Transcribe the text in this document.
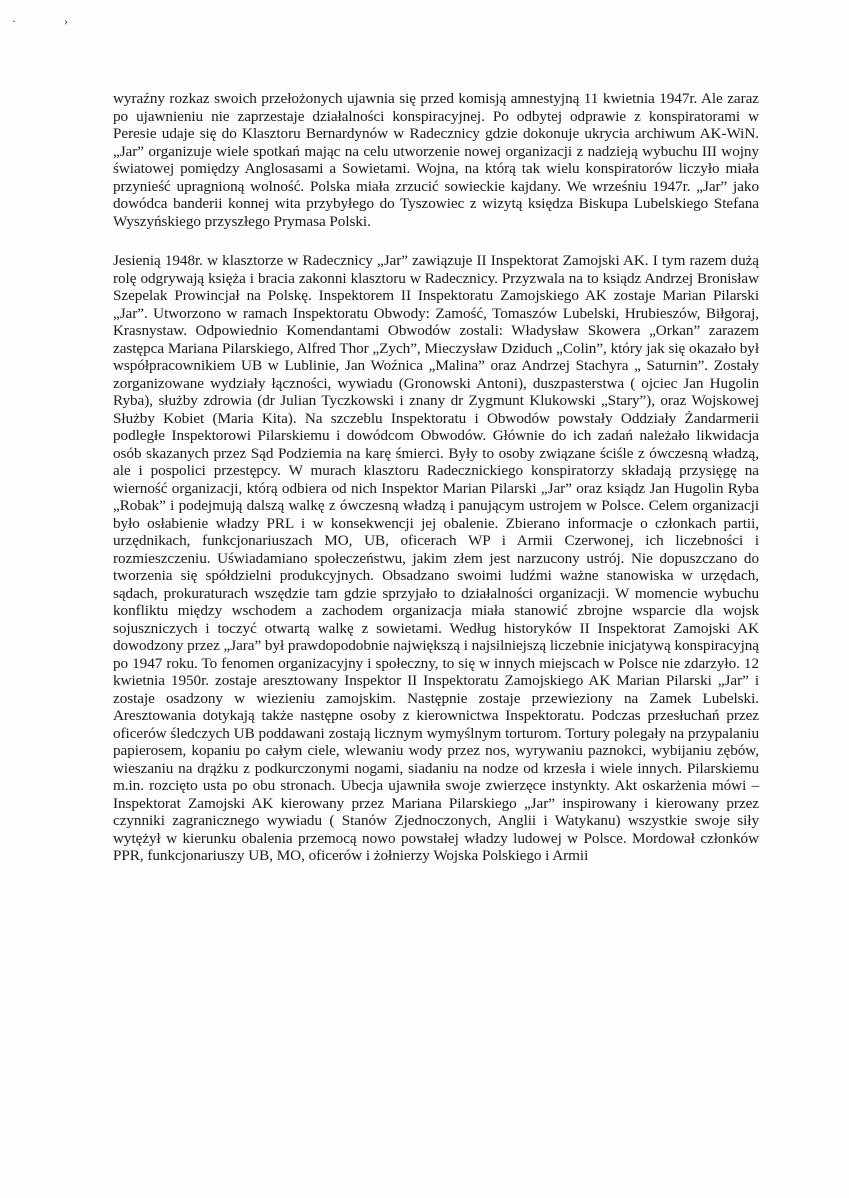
·	›

wyraźny rozkaz swoich przełożonych ujawnia się przed komisją amnestyjną 11 kwietnia 1947r. Ale zaraz po ujawnieniu nie zaprzestaje działalności konspiracyjnej. Po odbytej odprawie z konspiratorami w Peresie udaje się do Klasztoru Bernardynów w Radecznicy gdzie dokonuje ukrycia archiwum AK-WiN. „Jar” organizuje wiele spotkań mając na celu utworzenie nowej organizacji z nadzieją wybuchu III wojny światowej pomiędzy Anglosasami a Sowietami. Wojna, na którą tak wielu konspiratorów liczyło miała przynieść upragnioną wolność. Polska miała zrzucić sowieckie kajdany. We wrześniu 1947r. „Jar” jako dowódca banderii konnej wita przybyłego do Tyszowiec z wizytą księdza Biskupa Lubelskiego Stefana Wyszyńskiego przyszłego Prymasa Polski.

Jesienią 1948r. w klasztorze w Radecznicy „Jar” zawiązuje II Inspektorat Zamojski AK. I tym razem dużą rolę odgrywają księża i bracia zakonni klasztoru w Radecznicy. Przyzwala na to ksiądz Andrzej Bronisław Szepelak Prowincjał na Polskę. Inspektorem II Inspektoratu Zamojskiego AK zostaje Marian Pilarski „Jar”. Utworzono w ramach Inspektoratu Obwody: Zamość, Tomaszów Lubelski, Hrubieszów, Biłgoraj, Krasnystaw. Odpowiednio Komendantami Obwodów zostali: Władysław Skowera „Orkan” zarazem zastępca Mariana Pilarskiego, Alfred Thor „Zych”, Mieczysław Dziduch „Colin”, który jak się okazało był współpracownikiem UB w Lublinie, Jan Woźnica „Malina” oraz Andrzej Stachyra „ Saturnin”. Zostały zorganizowane wydziały łączności, wywiadu (Gronowski Antoni), duszpasterstwa ( ojciec Jan Hugolin Ryba), służby zdrowia (dr Julian Tyczkowski i znany dr Zygmunt Klukowski „Stary”), oraz Wojskowej Służby Kobiet (Maria Kita). Na szczeblu Inspektoratu i Obwodów powstały Oddziały Żandarmerii podległe Inspektorowi Pilarskiemu i dowódcom Obwodów. Głównie do ich zadań należało likwidacja osób skazanych przez Sąd Podziemia na karę śmierci. Były to osoby związane ściśle z ówczesną władzą, ale i pospolici przestępcy. W murach klasztoru Radecznickiego konspiratorzy składają przysięgę na wierność organizacji, którą odbiera od nich Inspektor Marian Pilarski „Jar” oraz ksiądz Jan Hugolin Ryba „Robak” i podejmują dalszą walkę z ówczesną władzą i panującym ustrojem w Polsce. Celem organizacji było osłabienie władzy PRL i w konsekwencji jej obalenie. Zbierano informacje o członkach partii, urzędnikach, funkcjonariuszach MO, UB, oficerach WP i Armii Czerwonej, ich liczebności i rozmieszczeniu. Uświadamiano społeczeństwu, jakim złem jest narzucony ustrój. Nie dopuszczano do tworzenia się spółdzielni produkcyjnych. Obsadzano swoimi ludźmi ważne stanowiska w urzędach, sądach, prokuraturach wszędzie tam gdzie sprzyjało to działalności organizacji. W momencie wybuchu konfliktu między wschodem a zachodem organizacja miała stanowić zbrojne wsparcie dla wojsk sojuszniczych i toczyć otwartą walkę z sowietami. Według historyków II Inspektorat Zamojski AK dowodzony przez „Jara” był prawdopodobnie największą i najsilniejszą liczebnie inicjatywą konspiracyjną po 1947 roku. To fenomen organizacyjny i społeczny, to się w innych miejscach w Polsce nie zdarzyło. 12 kwietnia 1950r. zostaje aresztowany Inspektor II Inspektoratu Zamojskiego AK Marian Pilarski „Jar” i zostaje osadzony w wiezieniu zamojskim. Następnie zostaje przewieziony na Zamek Lubelski. Aresztowania dotykają także następne osoby z kierownictwa Inspektoratu. Podczas przesłuchań przez oficerów śledczych UB poddawani zostają licznym wymyślnym torturom. Tortury polegały na przypalaniu papierosem, kopaniu po całym ciele, wlewaniu wody przez nos, wyrywaniu paznokci, wybijaniu zębów, wieszaniu na drążku z podkurczonymi nogami, siadaniu na nodze od krzesła i wiele innych. Pilarskiemu m.in. rozcięto usta po obu stronach. Ubecja ujawniła swoje zwierzęce instynkty. Akt oskarżenia mówi – Inspektorat Zamojski AK kierowany przez Mariana Pilarskiego „Jar” inspirowany i kierowany przez czynniki zagranicznego wywiadu ( Stanów Zjednoczonych, Anglii i Watykanu) wszystkie swoje siły wytężył w kierunku obalenia przemocą nowo powstałej władzy ludowej w Polsce. Mordował członków PPR, funkcjonariuszy UB, MO, oficerów i żołnierzy Wojska Polskiego i Armii
